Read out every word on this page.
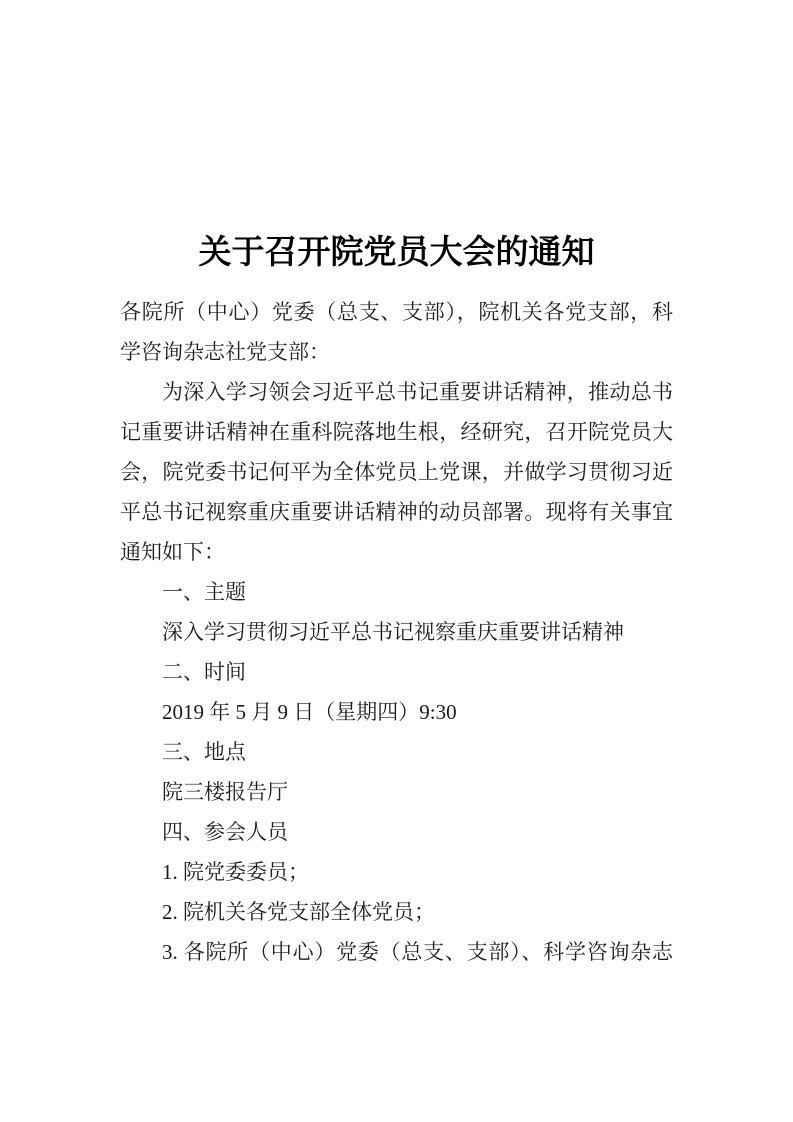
关于召开院党员大会的通知
各院所（中心）党委（总支、支部），院机关各党支部，科
学咨询杂志社党支部：
为深入学习领会习近平总书记重要讲话精神，推动总书
记重要讲话精神在重科院落地生根，经研究，召开院党员大
会，院党委书记何平为全体党员上党课，并做学习贯彻习近
平总书记视察重庆重要讲话精神的动员部署。现将有关事宜
通知如下：
一、主题
深入学习贯彻习近平总书记视察重庆重要讲话精神
二、时间
2019 年 5 月 9 日（星期四）9:30
三、地点
院三楼报告厅
四、参会人员
1. 院党委委员；
2. 院机关各党支部全体党员；
3. 各院所（中心）党委（总支、支部）、科学咨询杂志
